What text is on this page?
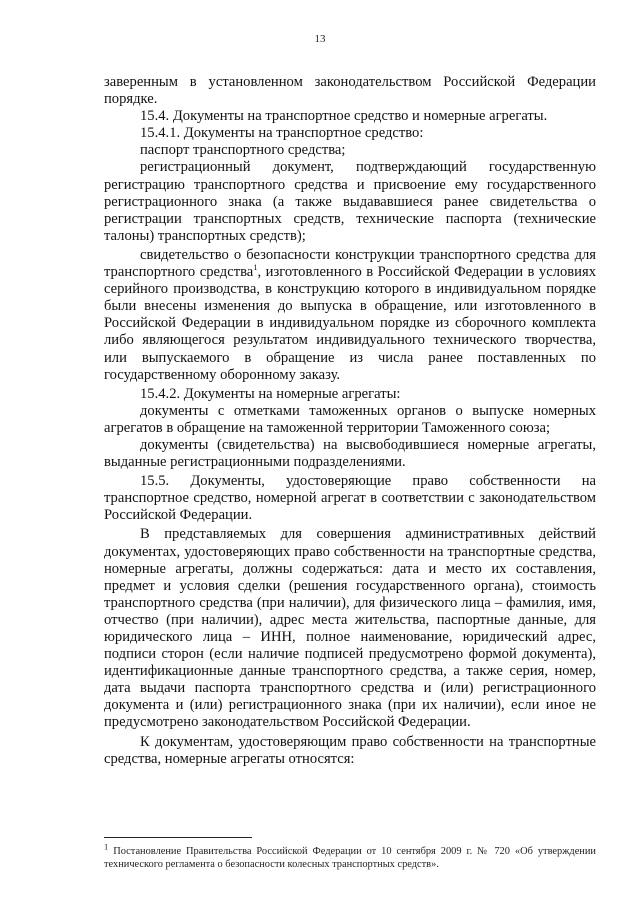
13

заверенным в установленном законодательством Российской Федерации порядке.

15.4. Документы на транспортное средство и номерные агрегаты.

15.4.1. Документы на транспортное средство:

паспорт транспортного средства;

регистрационный документ, подтверждающий государственную регистрацию транспортного средства и присвоение ему государственного регистрационного знака (а также выдававшиеся ранее свидетельства о регистрации транспортных средств, технические паспорта (технические талоны) транспортных средств);

свидетельство о безопасности конструкции транспортного средства для транспортного средства$^1$, изготовленного в Российской Федерации в условиях серийного производства, в конструкцию которого в индивидуальном порядке были внесены изменения до выпуска в обращение, или изготовленного в Российской Федерации в индивидуальном порядке из сборочного комплекта либо являющегося результатом индивидуального технического творчества, или выпускаемого в обращение из числа ранее поставленных по государственному оборонному заказу.

15.4.2. Документы на номерные агрегаты:

документы с отметками таможенных органов о выпуске номерных агрегатов в обращение на таможенной территории Таможенного союза;

документы (свидетельства) на высвободившиеся номерные агрегаты, выданные регистрационными подразделениями.

15.5. Документы, удостоверяющие право собственности на транспортное средство, номерной агрегат в соответствии с законодательством Российской Федерации.

В представляемых для совершения административных действий документах, удостоверяющих право собственности на транспортные средства, номерные агрегаты, должны содержаться: дата и место их составления, предмет и условия сделки (решения государственного органа), стоимость транспортного средства (при наличии), для физического лица – фамилия, имя, отчество (при наличии), адрес места жительства, паспортные данные, для юридического лица – ИНН, полное наименование, юридический адрес, подписи сторон (если наличие подписей предусмотрено формой документа), идентификационные данные транспортного средства, а также серия, номер, дата выдачи паспорта транспортного средства и (или) регистрационного документа и (или) регистрационного знака (при их наличии), если иное не предусмотрено законодательством Российской Федерации.

К документам, удостоверяющим право собственности на транспортные средства, номерные агрегаты относятся:

$^1$ Постановление Правительства Российской Федерации от 10 сентября 2009 г. № 720 «Об утверждении технического регламента о безопасности колесных транспортных средств».
